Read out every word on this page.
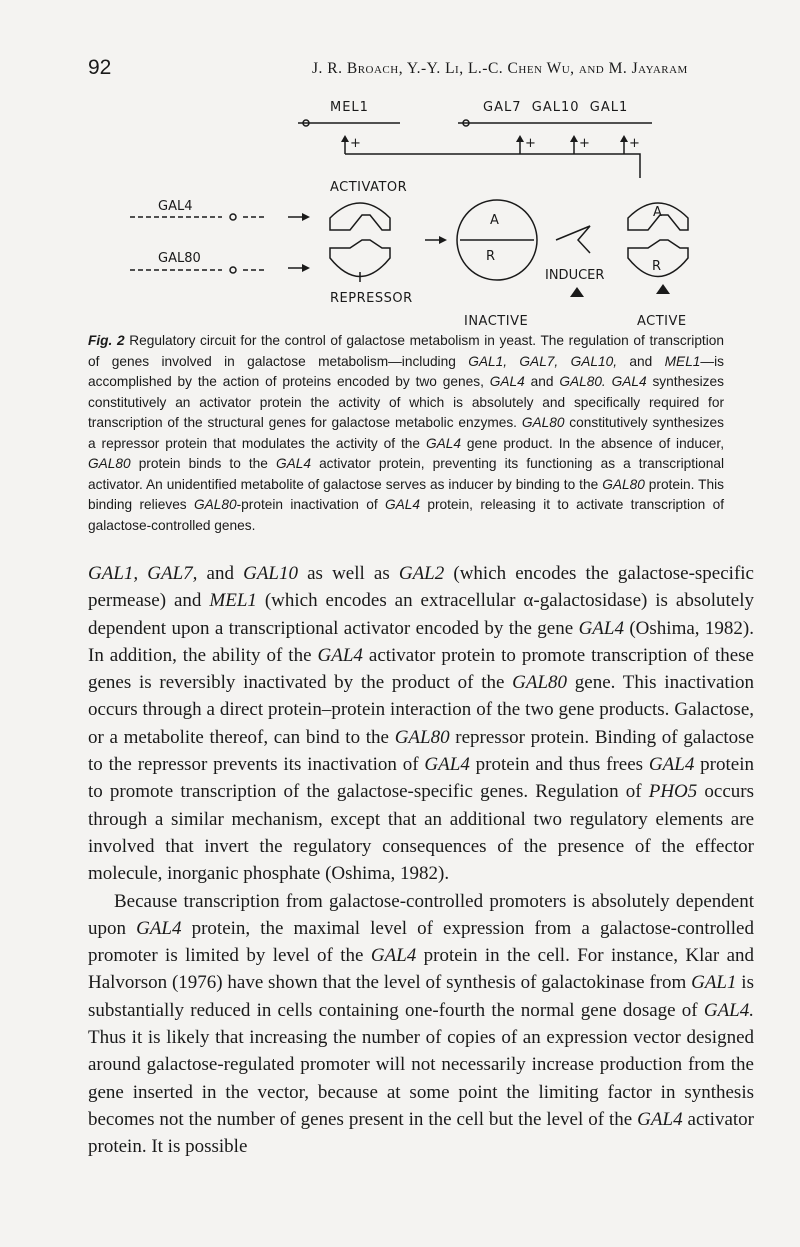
92	J. R. Broach, Y.-Y. Li, L.-C. Chen Wu, and M. Jayaram
MEL1	GAL7  GAL10  GAL1
+	+	+	+
ACTIVATOR
GAL4
GAL80
REPRESSOR
A
R
INDUCER
A
R
INACTIVE	ACTIVE
Fig. 2 Regulatory circuit for the control of galactose metabolism in yeast. The regulation of transcription of genes involved in galactose metabolism—including GAL1, GAL7, GAL10, and MEL1—is accomplished by the action of proteins encoded by two genes, GAL4 and GAL80. GAL4 synthesizes constitutively an activator protein the activity of which is absolutely and specifically required for transcription of the structural genes for galactose metabolic enzymes. GAL80 constitutively synthesizes a repressor protein that modulates the activity of the GAL4 gene product. In the absence of inducer, GAL80 protein binds to the GAL4 activator protein, preventing its functioning as a transcriptional activator. An unidentified metabolite of galactose serves as inducer by binding to the GAL80 protein. This binding relieves GAL80-protein inactivation of GAL4 protein, releasing it to activate transcription of galactose-controlled genes.

GAL1, GAL7, and GAL10 as well as GAL2 (which encodes the galactose-specific permease) and MEL1 (which encodes an extracellular α-galactosidase) is absolutely dependent upon a transcriptional activator encoded by the gene GAL4 (Oshima, 1982). In addition, the ability of the GAL4 activator protein to promote transcription of these genes is reversibly inactivated by the product of the GAL80 gene. This inactivation occurs through a direct protein–protein interaction of the two gene products. Galactose, or a metabolite thereof, can bind to the GAL80 repressor protein. Binding of galactose to the repressor prevents its inactivation of GAL4 protein and thus frees GAL4 protein to promote transcription of the galactose-specific genes. Regulation of PHO5 occurs through a similar mechanism, except that an additional two regulatory elements are involved that invert the regulatory consequences of the presence of the effector molecule, inorganic phosphate (Oshima, 1982).

Because transcription from galactose-controlled promoters is absolutely dependent upon GAL4 protein, the maximal level of expression from a galactose-controlled promoter is limited by level of the GAL4 protein in the cell. For instance, Klar and Halvorson (1976) have shown that the level of synthesis of galactokinase from GAL1 is substantially reduced in cells containing one-fourth the normal gene dosage of GAL4. Thus it is likely that increasing the number of copies of an expression vector designed around galactose-regulated promoter will not necessarily increase production from the gene inserted in the vector, because at some point the limiting factor in synthesis becomes not the number of genes present in the cell but the level of the GAL4 activator protein. It is possible
